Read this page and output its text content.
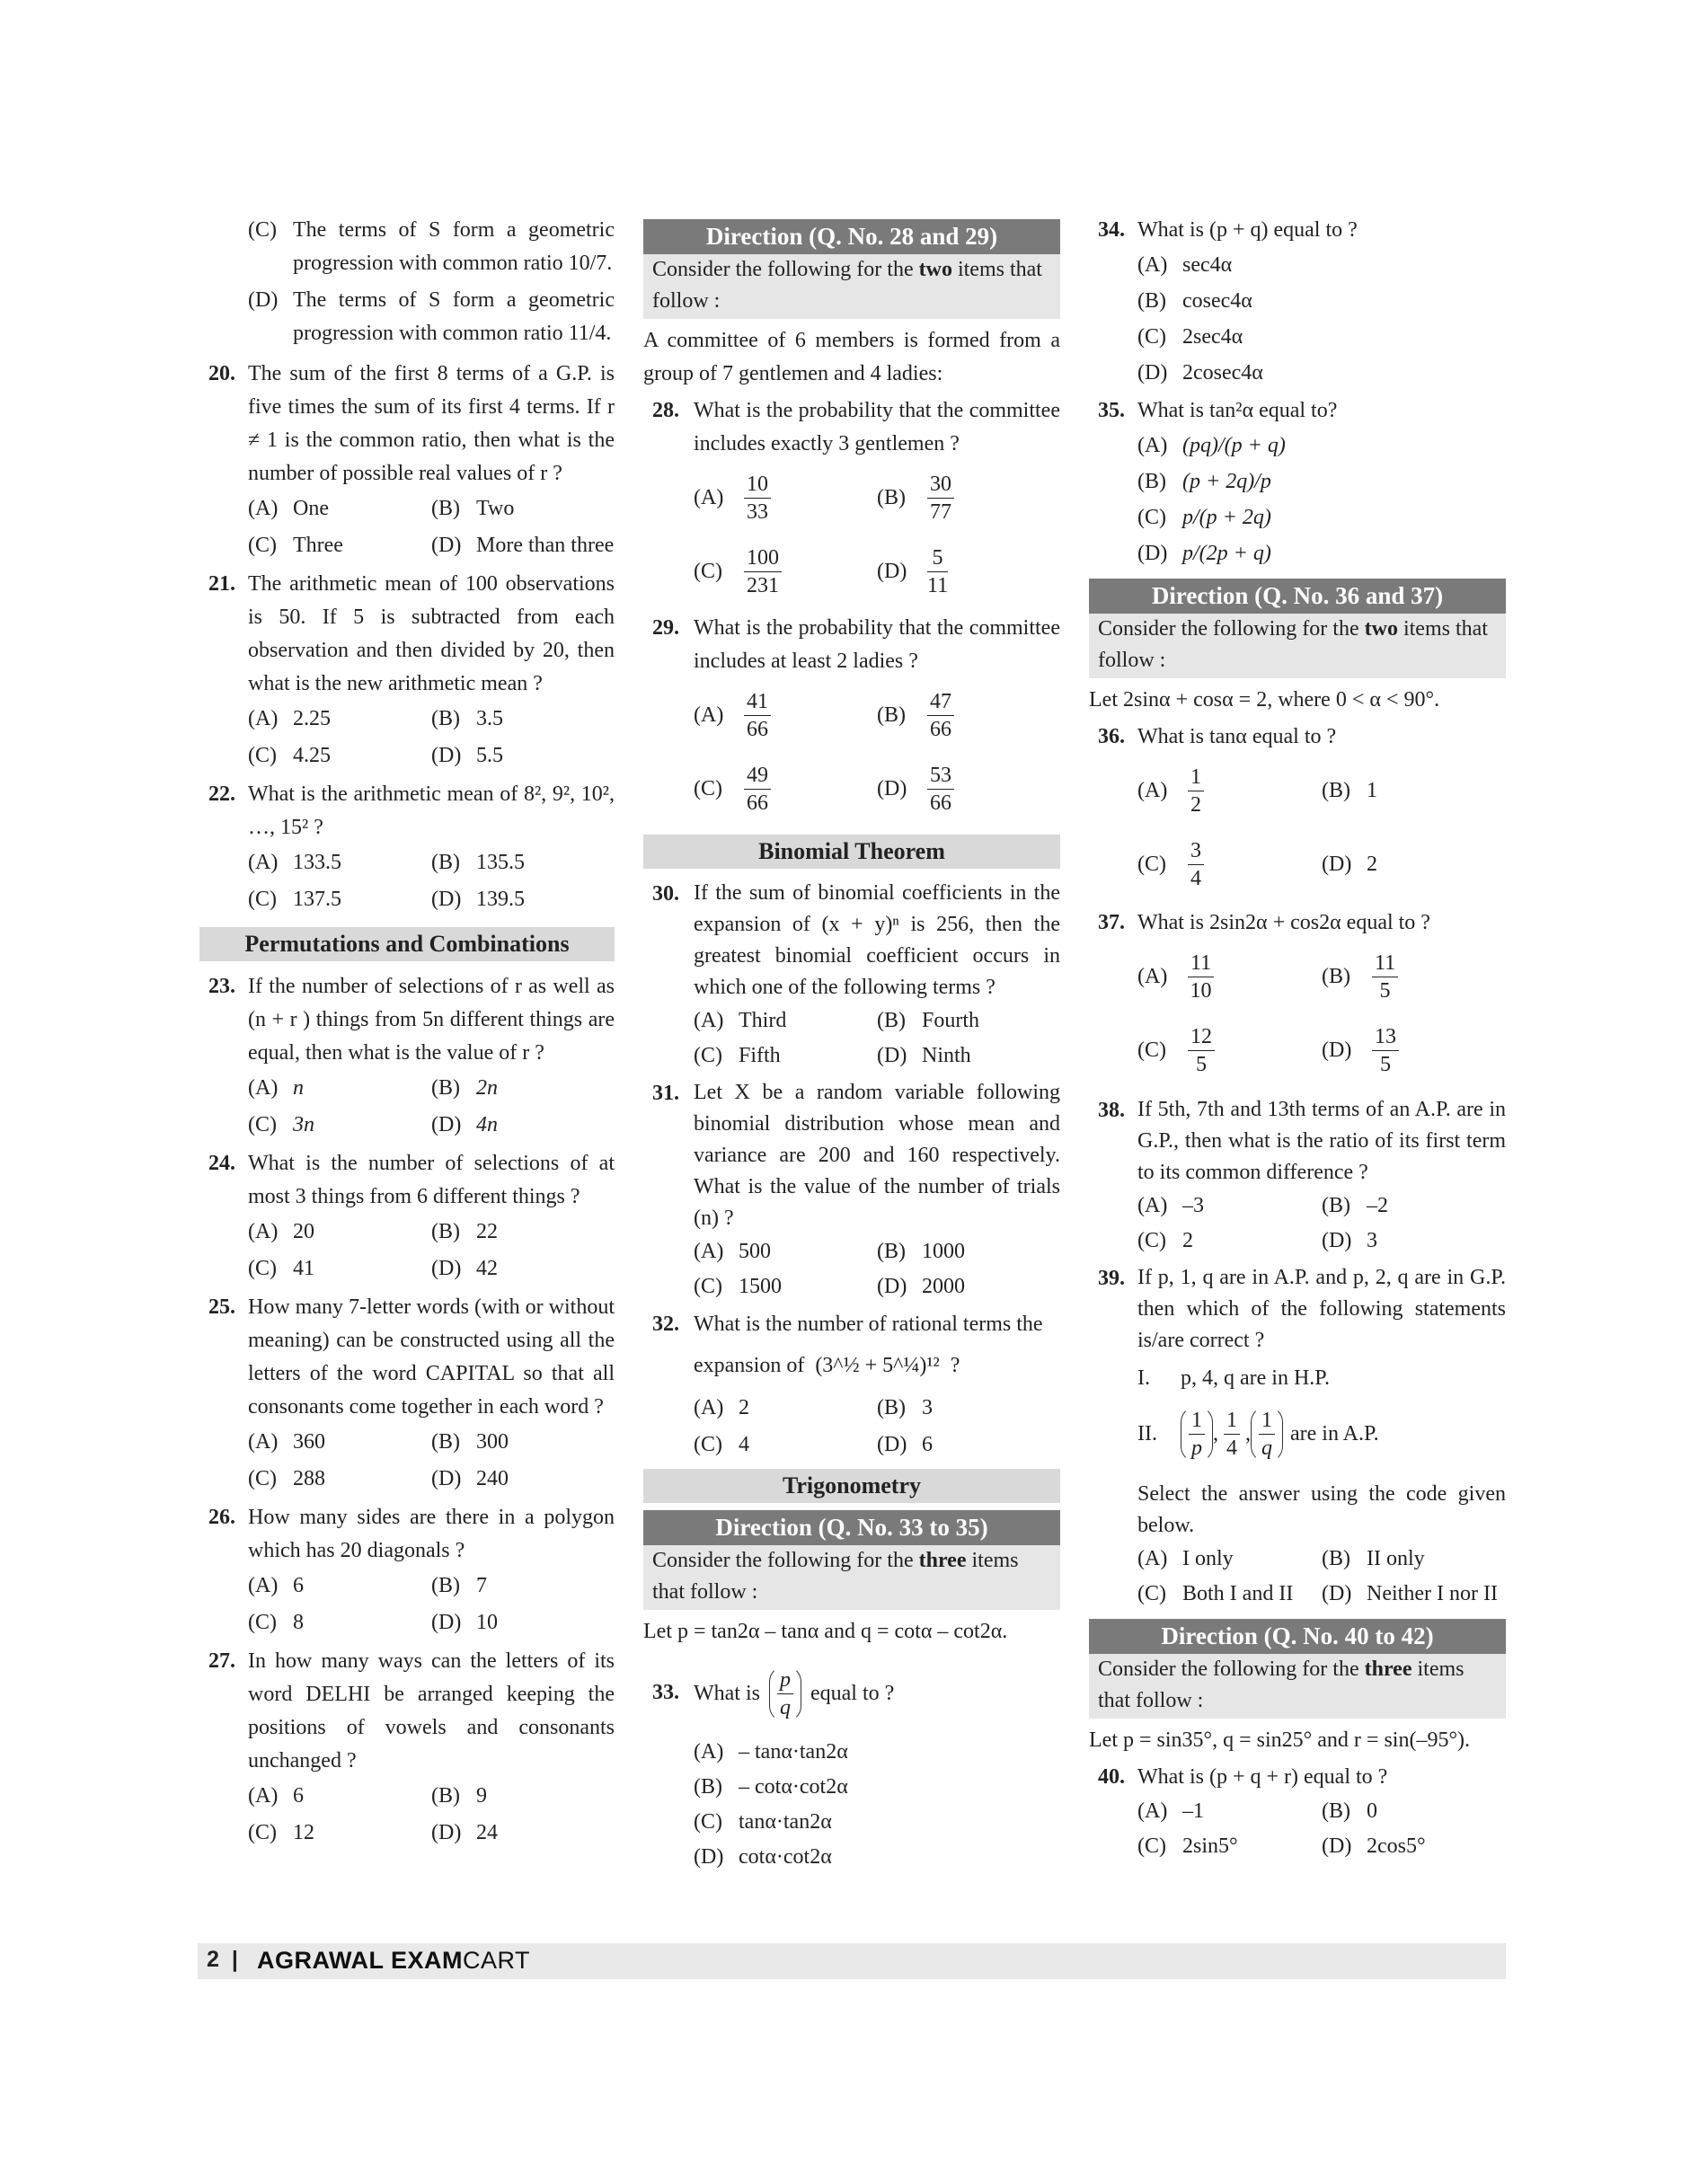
(C) The terms of S form a geometric progression with common ratio 10/7.
(D) The terms of S form a geometric progression with common ratio 11/4.
20. The sum of the first 8 terms of a G.P. is five times the sum of its first 4 terms. If r ≠ 1 is the common ratio, then what is the number of possible real values of r ?
(A) One	(B) Two
(C) Three	(D) More than three
21. The arithmetic mean of 100 observations is 50. If 5 is subtracted from each observation and then divided by 20, then what is the new arithmetic mean ?
(A) 2.25	(B) 3.5
(C) 4.25	(D) 5.5
22. What is the arithmetic mean of 8², 9², 10², …, 15² ?
(A) 133.5	(B) 135.5
(C) 137.5	(D) 139.5
Permutations and Combinations
23. If the number of selections of r as well as (n + r ) things from 5n different things are equal, then what is the value of r ?
(A) n	(B) 2n
(C) 3n	(D) 4n
24. What is the number of selections of at most 3 things from 6 different things ?
(A) 20	(B) 22
(C) 41	(D) 42
25. How many 7-letter words (with or without meaning) can be constructed using all the letters of the word CAPITAL so that all consonants come together in each word ?
(A) 360	(B) 300
(C) 288	(D) 240
26. How many sides are there in a polygon which has 20 diagonals ?
(A) 6	(B) 7
(C) 8	(D) 10
27. In how many ways can the letters of its word DELHI be arranged keeping the positions of vowels and consonants unchanged ?
(A) 6	(B) 9
(C) 12	(D) 24
Direction (Q. No. 28 and 29)
Consider the following for the two items that follow :
A committee of 6 members is formed from a group of 7 gentlemen and 4 ladies:
28. What is the probability that the committee includes exactly 3 gentlemen ?
$(A) \frac{10}{33}$	(B)	$\frac{30}{77}$
(C)	$\frac{100}{231}$	$(D) \frac{5}{11}$
29. What is the probability that the committee includes at least 2 ladies ?
$(A) \frac{41}{66}$	(B)	$\frac{47}{66}$
(C)	$\frac{49}{66}$	$(D) \frac{53}{66}$
Binomial Theorem
30. If the sum of binomial coefficients in the expansion of (x + y)ⁿ is 256, then the greatest binomial coefficient occurs in which one of the following terms ?
(A) Third	(B) Fourth
(C) Fifth	(D) Ninth
31. Let X be a random variable following binomial distribution whose mean and variance are 200 and 160 respectively. What is the value of the number of trials (n) ?
(A) 500	(B) 1000
(C) 1500	(D) 2000
32. What is the number of rational terms the
expansion of (3^½ + 5^¼)¹² ?
(A) 2	(B) 3
(C) 4	(D) 6
Trigonometry
Direction (Q. No. 33 to 35)
Consider the following for the three items that follow :
Let p = tan2α – tanα and q = cotα – cot2α.
33. What is $\frac{p}{q}$ equal to ?
(A) – tanα·tan2α
(B) – cotα·cot2α
(C) tanα·tan2α
(D) cotα·cot2α
34. What is (p + q) equal to ?
(A) sec4α
(B) cosec4α
(C) 2sec4α
(D) 2cosec4α
35. What is tan²α equal to?
(A) (pq)/(p + q)
(B) (p + 2q)/p
(C) p/(p + 2q)
(D) p/(2p + q)
Direction (Q. No. 36 and 37)
Consider the following for the two items that follow :
Let 2sinα + cosα = 2, where 0 < α < 90°.
36. What is tanα equal to ?
$(A) \frac{1}{2}$	(B) 1
(C)	$\frac{3}{4}$	(D) 2
37. What is 2sin2α + cos2α equal to ?
$(A) \frac{11}{10}$	(B)	$\frac{11}{5}$
(C)	$\frac{12}{5}$	$(D) \frac{13}{5}$
38. If 5th, 7th and 13th terms of an A.P. are in G.P., then what is the ratio of its first term to its common difference ?
(A) –3	(B) –2
(C) 2	(D) 3
39. If p, 1, q are in A.P. and p, 2, q are in G.P. then which of the following statements is/are correct ?
I.	p, 4, q are in H.P.
II.	$\frac{1}{p}$ , $\frac{1}{4}$ , $\frac{1}{q}$ are in A.P.
Select the answer using the code given below.
(A) I only	(B) II only
(C) Both I and II	(D) Neither I nor II
Direction (Q. No. 40 to 42)
Consider the following for the three items that follow :
Let p = sin35°, q = sin25° and r = sin(–95°).
40. What is (p + q + r) equal to ?
(A) –1	(B) 0
(C) 2sin5°	(D) 2cos5°
2 | AGRAWAL EXAMCART
